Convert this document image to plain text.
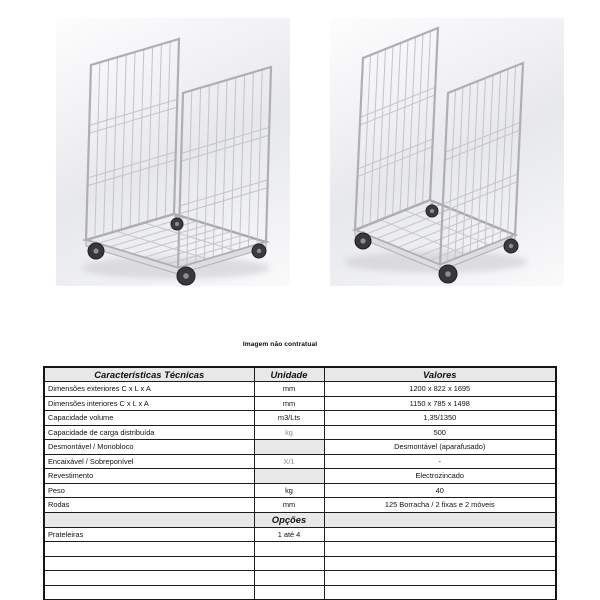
Imagem não contratual
Características Técnicas	Unidade	Valores
Dimensões exteriores C x L x A	mm	1200 x 822 x 1695
Dimensões interiores C x L x A	mm	1150 x 785 x 1498
Capacidade volume	m3/Lts	1,35/1350
Capacidade de carga distribuída	kg	500
Desmontável / Monobloco		Desmontável (aparafusado)
Encaixável / Sobreponível	X/1	-
Revestimento		Electrozincado
Peso	kg	40
Rodas	mm	125 Borracha / 2 fixas e 2 móveis
	Opções	
Prateleiras	1 até 4	
